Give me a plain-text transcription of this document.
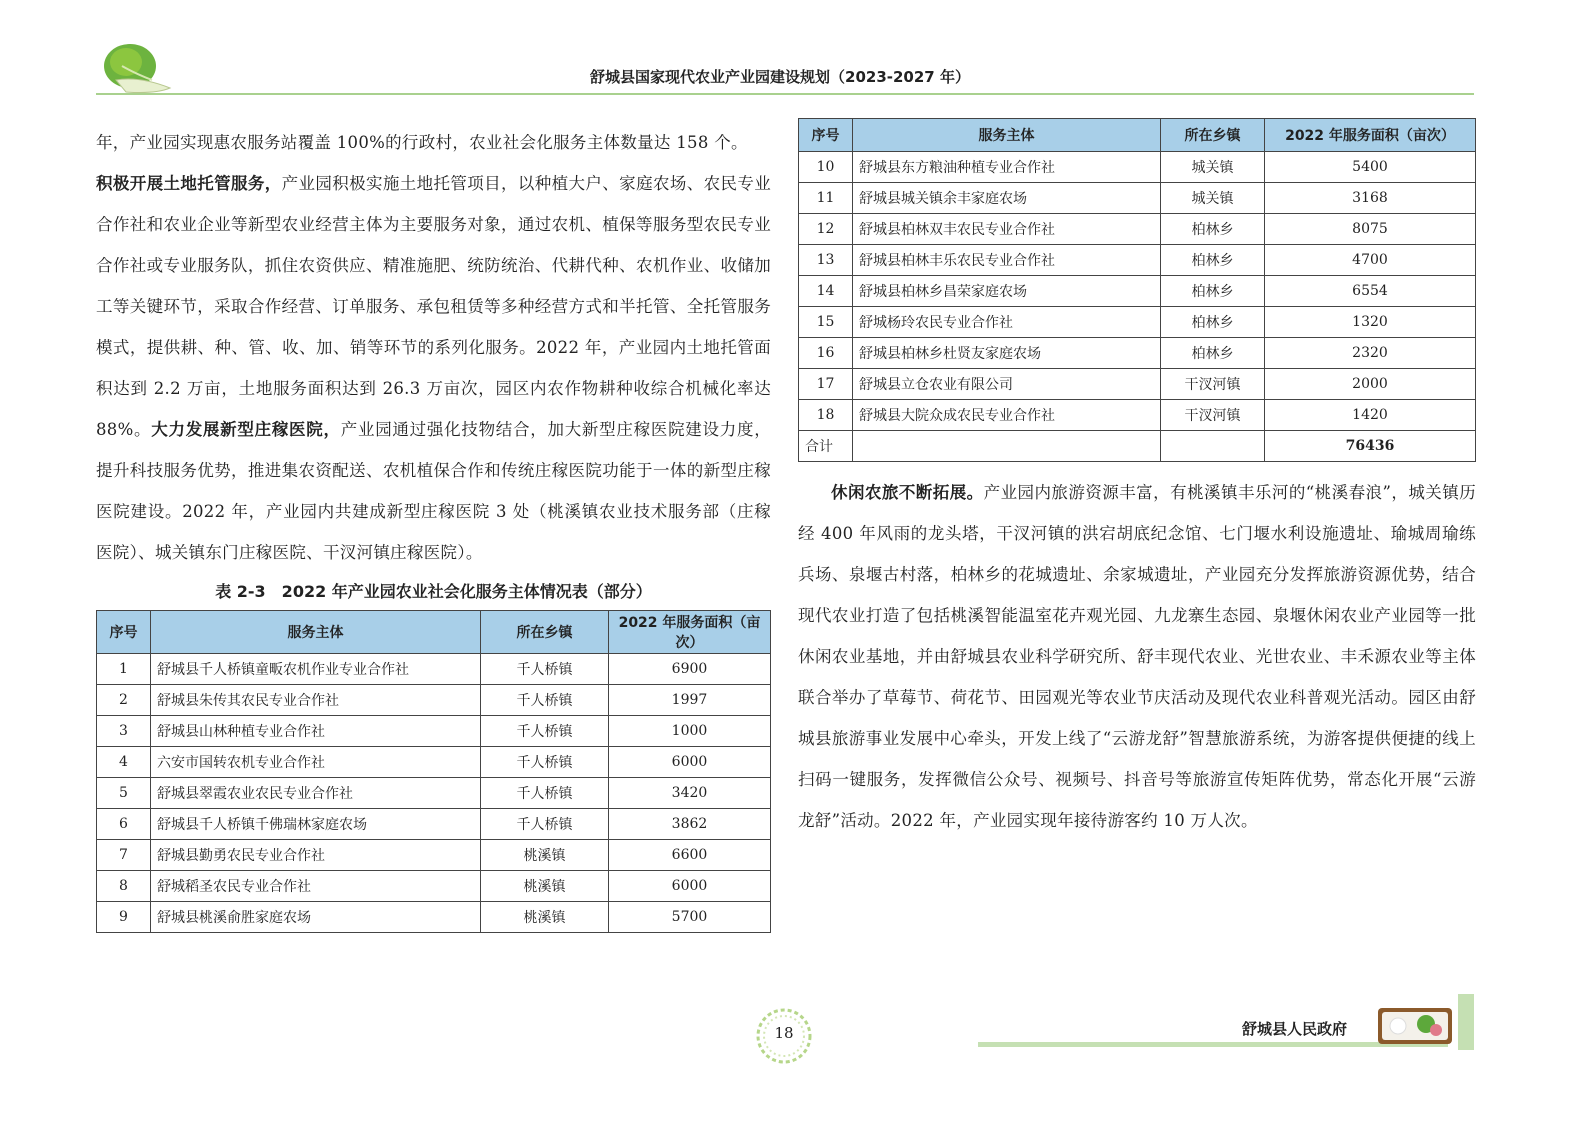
舒城县国家现代农业产业园建设规划（2023-2027 年）

年，产业园实现惠农服务站覆盖 100%的行政村，农业社会化服务主体数量达 158 个。

积极开展土地托管服务，产业园积极实施土地托管项目，以种植大户、家庭农场、农民专业合作社和农业企业等新型农业经营主体为主要服务对象，通过农机、植保等服务型农民专业合作社或专业服务队，抓住农资供应、精准施肥、统防统治、代耕代种、农机作业、收储加工等关键环节，采取合作经营、订单服务、承包租赁等多种经营方式和半托管、全托管服务模式，提供耕、种、管、收、加、销等环节的系列化服务。2022 年，产业园内土地托管面积达到 2.2 万亩，土地服务面积达到 26.3 万亩次，园区内农作物耕种收综合机械化率达 88%。大力发展新型庄稼医院，产业园通过强化技物结合，加大新型庄稼医院建设力度，提升科技服务优势，推进集农资配送、农机植保合作和传统庄稼医院功能于一体的新型庄稼医院建设。2022 年，产业园内共建成新型庄稼医院 3 处（桃溪镇农业技术服务部（庄稼医院）、城关镇东门庄稼医院、干汊河镇庄稼医院）。

表 2-3　2022 年产业园农业社会化服务主体情况表（部分）
序号	服务主体	所在乡镇	2022 年服务面积（亩次）
1	舒城县千人桥镇童畈农机作业专业合作社	千人桥镇	6900
2	舒城县朱传其农民专业合作社	千人桥镇	1997
3	舒城县山林种植专业合作社	千人桥镇	1000
4	六安市国转农机专业合作社	千人桥镇	6000
5	舒城县翠霞农业农民专业合作社	千人桥镇	3420
6	舒城县千人桥镇千佛瑞林家庭农场	千人桥镇	3862
7	舒城县勤勇农民专业合作社	桃溪镇	6600
8	舒城稻圣农民专业合作社	桃溪镇	6000
9	舒城县桃溪俞胜家庭农场	桃溪镇	5700
序号	服务主体	所在乡镇	2022 年服务面积（亩次）
10	舒城县东方粮油种植专业合作社	城关镇	5400
11	舒城县城关镇余丰家庭农场	城关镇	3168
12	舒城县柏林双丰农民专业合作社	柏林乡	8075
13	舒城县柏林丰乐农民专业合作社	柏林乡	4700
14	舒城县柏林乡昌荣家庭农场	柏林乡	6554
15	舒城杨玲农民专业合作社	柏林乡	1320
16	舒城县柏林乡杜贤友家庭农场	柏林乡	2320
17	舒城县立仓农业有限公司	干汊河镇	2000
18	舒城县大院众成农民专业合作社	干汊河镇	1420
合计			76436

休闲农旅不断拓展。产业园内旅游资源丰富，有桃溪镇丰乐河的“桃溪春浪”，城关镇历经 400 年风雨的龙头塔，干汊河镇的洪宕胡底纪念馆、七门堰水利设施遗址、瑜城周瑜练兵场、泉堰古村落，柏林乡的花城遗址、余家城遗址，产业园充分发挥旅游资源优势，结合现代农业打造了包括桃溪智能温室花卉观光园、九龙寨生态园、泉堰休闲农业产业园等一批休闲农业基地，并由舒城县农业科学研究所、舒丰现代农业、光世农业、丰禾源农业等主体联合举办了草莓节、荷花节、田园观光等农业节庆活动及现代农业科普观光活动。园区由舒城县旅游事业发展中心牵头，开发上线了“云游龙舒”智慧旅游系统，为游客提供便捷的线上扫码一键服务，发挥微信公众号、视频号、抖音号等旅游宣传矩阵优势，常态化开展“云游龙舒”活动。2022 年，产业园实现年接待游客约 10 万人次。

18	舒城县人民政府
